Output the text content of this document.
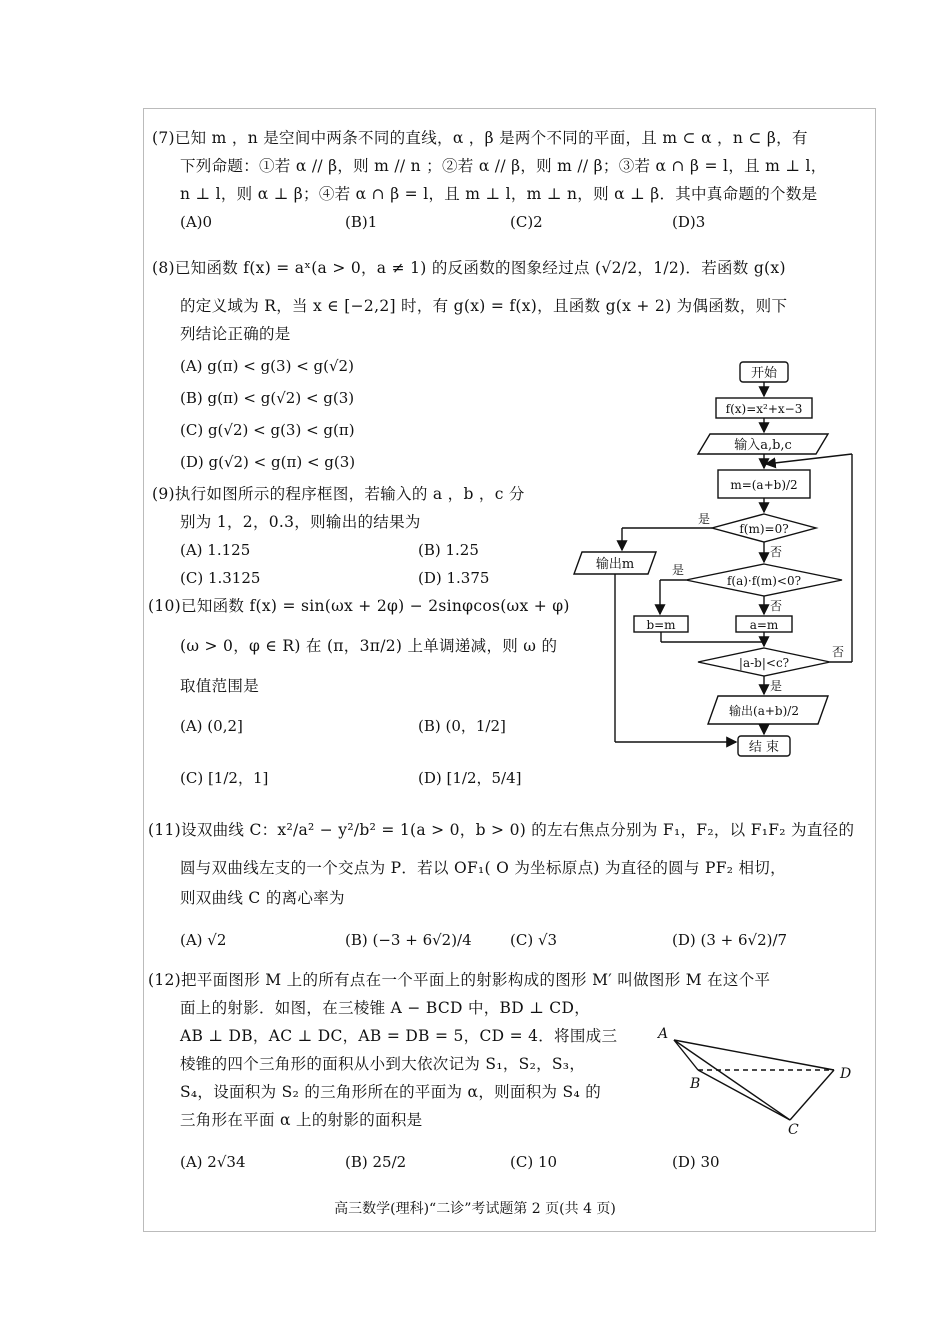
(7)已知 m ，n 是空间中两条不同的直线，α ，β 是两个不同的平面，且 m ⊂ α ，n ⊂ β，有
下列命题：①若 α // β，则 m // n ；②若 α // β，则 m // β；③若 α ∩ β = l，且 m ⊥ l，
n ⊥ l，则 α ⊥ β；④若 α ∩ β = l，且 m ⊥ l，m ⊥ n，则 α ⊥ β．其中真命题的个数是
(A)0	(B)1	(C)2	(D)3
(8)已知函数 f(x) = aˣ(a > 0，a ≠ 1) 的反函数的图象经过点 (√2/2，1/2)．若函数 g(x)
的定义域为 R，当 x ∈ [−2,2] 时，有 g(x) = f(x)，且函数 g(x + 2) 为偶函数，则下
列结论正确的是
(A) g(π) < g(3) < g(√2)
(B) g(π) < g(√2) < g(3)
(C) g(√2) < g(3) < g(π)
(D) g(√2) < g(π) < g(3)
(9)执行如图所示的程序框图，若输入的 a ，b ，c 分
别为 1，2，0.3，则输出的结果为
(A) 1.125	(B) 1.25
(C) 1.3125	(D) 1.375
(10)已知函数 f(x) = sin(ωx + 2φ) − 2sinφcos(ωx + φ)
(ω > 0，φ ∈ R) 在 (π，3π/2) 上单调递减，则 ω 的
取值范围是
(A) (0,2]	(B) (0，1/2]
(C) [1/2，1]	(D) [1/2，5/4]
开始
f(x)=x²+x−3
输入a,b,c
m=(a+b)/2
f(m)=0?
f(a)·f(m)<0?
b=m	a=m
|a-b|<c?
输出m
输出(a+b)/2
结 束
是
否
是
否
否
是
(11)设双曲线 C：x²/a² − y²/b² = 1(a > 0，b > 0) 的左右焦点分别为 F₁，F₂，以 F₁F₂ 为直径的
圆与双曲线左支的一个交点为 P．若以 OF₁( O 为坐标原点) 为直径的圆与 PF₂ 相切，
则双曲线 C 的离心率为
(A) √2	(B) (−3 + 6√2)/4	(C) √3	(D) (3 + 6√2)/7
(12)把平面图形 M 上的所有点在一个平面上的射影构成的图形 M′ 叫做图形 M 在这个平
面上的射影．如图，在三棱锥 A − BCD 中，BD ⊥ CD，
AB ⊥ DB，AC ⊥ DC，AB = DB = 5，CD = 4．将围成三
棱锥的四个三角形的面积从小到大依次记为 S₁，S₂，S₃，
S₄，设面积为 S₂ 的三角形所在的平面为 α，则面积为 S₄ 的
三角形在平面 α 上的射影的面积是
(A) 2√34	(B) 25/2	(C) 10	(D) 30
A
B
C
D
高三数学(理科)“二诊”考试题第 2 页(共 4 页)
